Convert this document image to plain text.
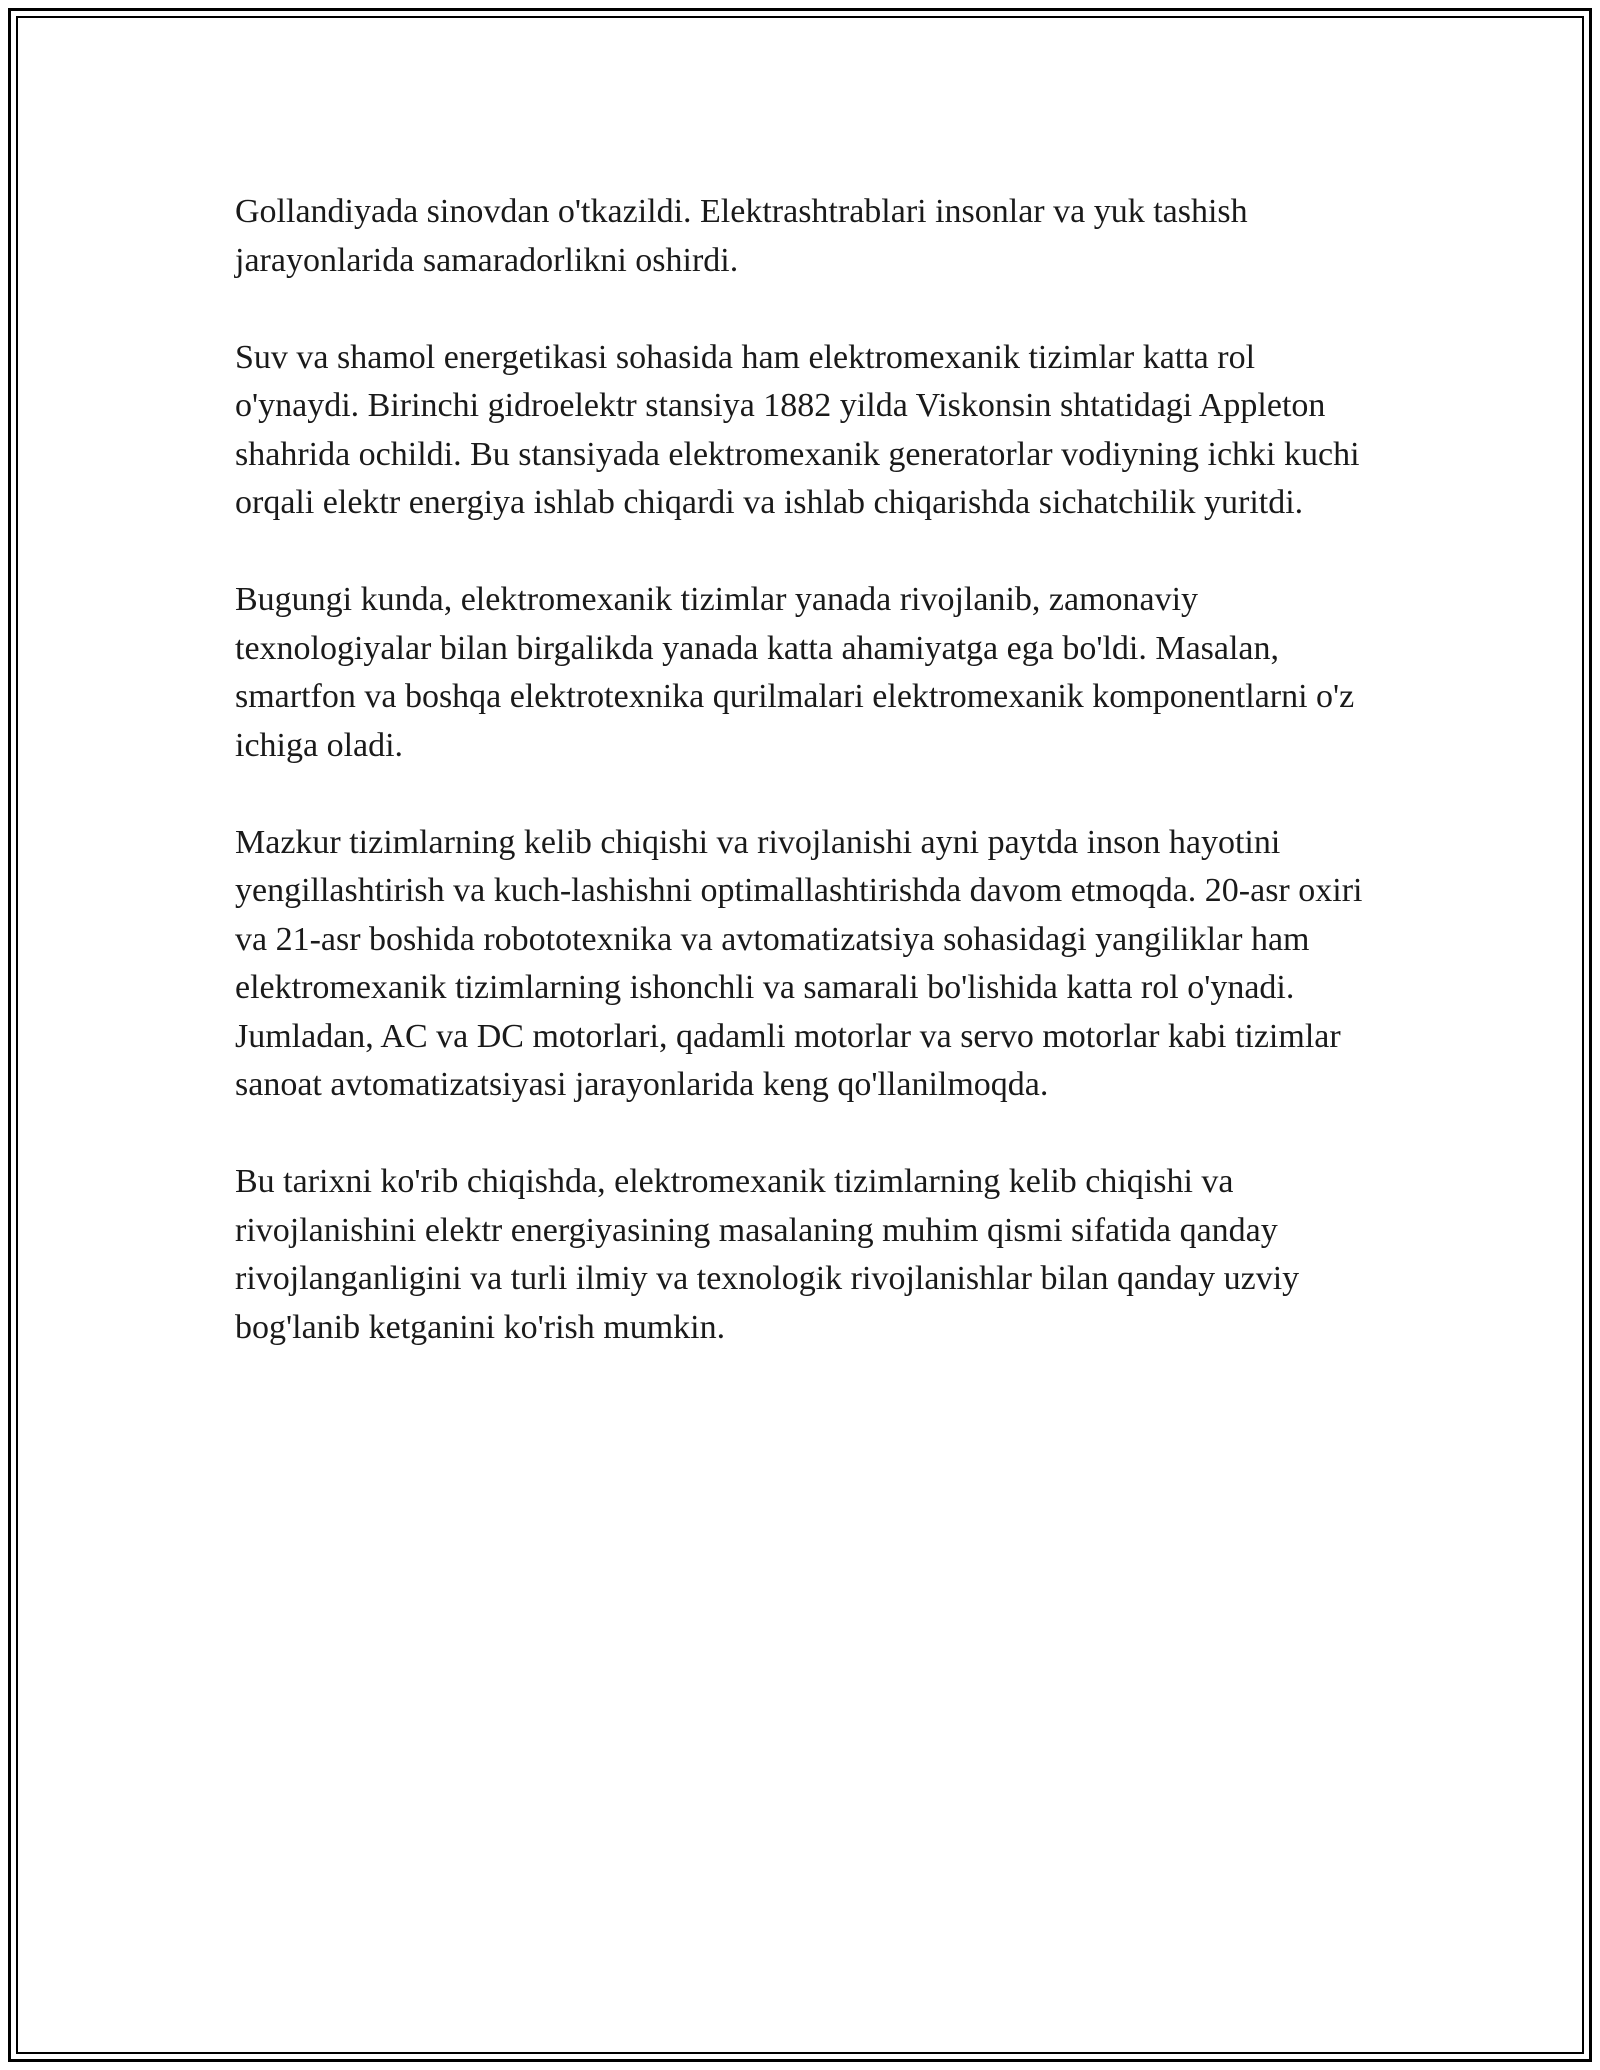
Gollandiyada sinovdan o'tkazildi. Elektrashtrablari insonlar va yuk tashish jarayonlarida samaradorlikni oshirdi.

Suv va shamol energetikasi sohasida ham elektromexanik tizimlar katta rol o'ynaydi. Birinchi gidroelektr stansiya 1882 yilda Viskonsin shtatidagi Appleton shahrida ochildi. Bu stansiyada elektromexanik generatorlar vodiyning ichki kuchi orqali elektr energiya ishlab chiqardi va ishlab chiqarishda sichatchilik yuritdi.

Bugungi kunda, elektromexanik tizimlar yanada rivojlanib, zamonaviy texnologiyalar bilan birgalikda yanada katta ahamiyatga ega bo'ldi. Masalan, smartfon va boshqa elektrotexnika qurilmalari elektromexanik komponentlarni o'z ichiga oladi.

Mazkur tizimlarning kelib chiqishi va rivojlanishi ayni paytda inson hayotini yengillashtirish va kuch-lashishni optimallashtirishda davom etmoqda. 20-asr oxiri va 21-asr boshida robototexnika va avtomatizatsiya sohasidagi yangiliklar ham elektromexanik tizimlarning ishonchli va samarali bo'lishida katta rol o'ynadi. Jumladan, AC va DC motorlari, qadamli motorlar va servo motorlar kabi tizimlar sanoat avtomatizatsiyasi jarayonlarida keng qo'llanilmoqda.

Bu tarixni ko'rib chiqishda, elektromexanik tizimlarning kelib chiqishi va rivojlanishini elektr energiyasining masalaning muhim qismi sifatida qanday rivojlanganligini va turli ilmiy va texnologik rivojlanishlar bilan qanday uzviy bog'lanib ketganini ko'rish mumkin.
